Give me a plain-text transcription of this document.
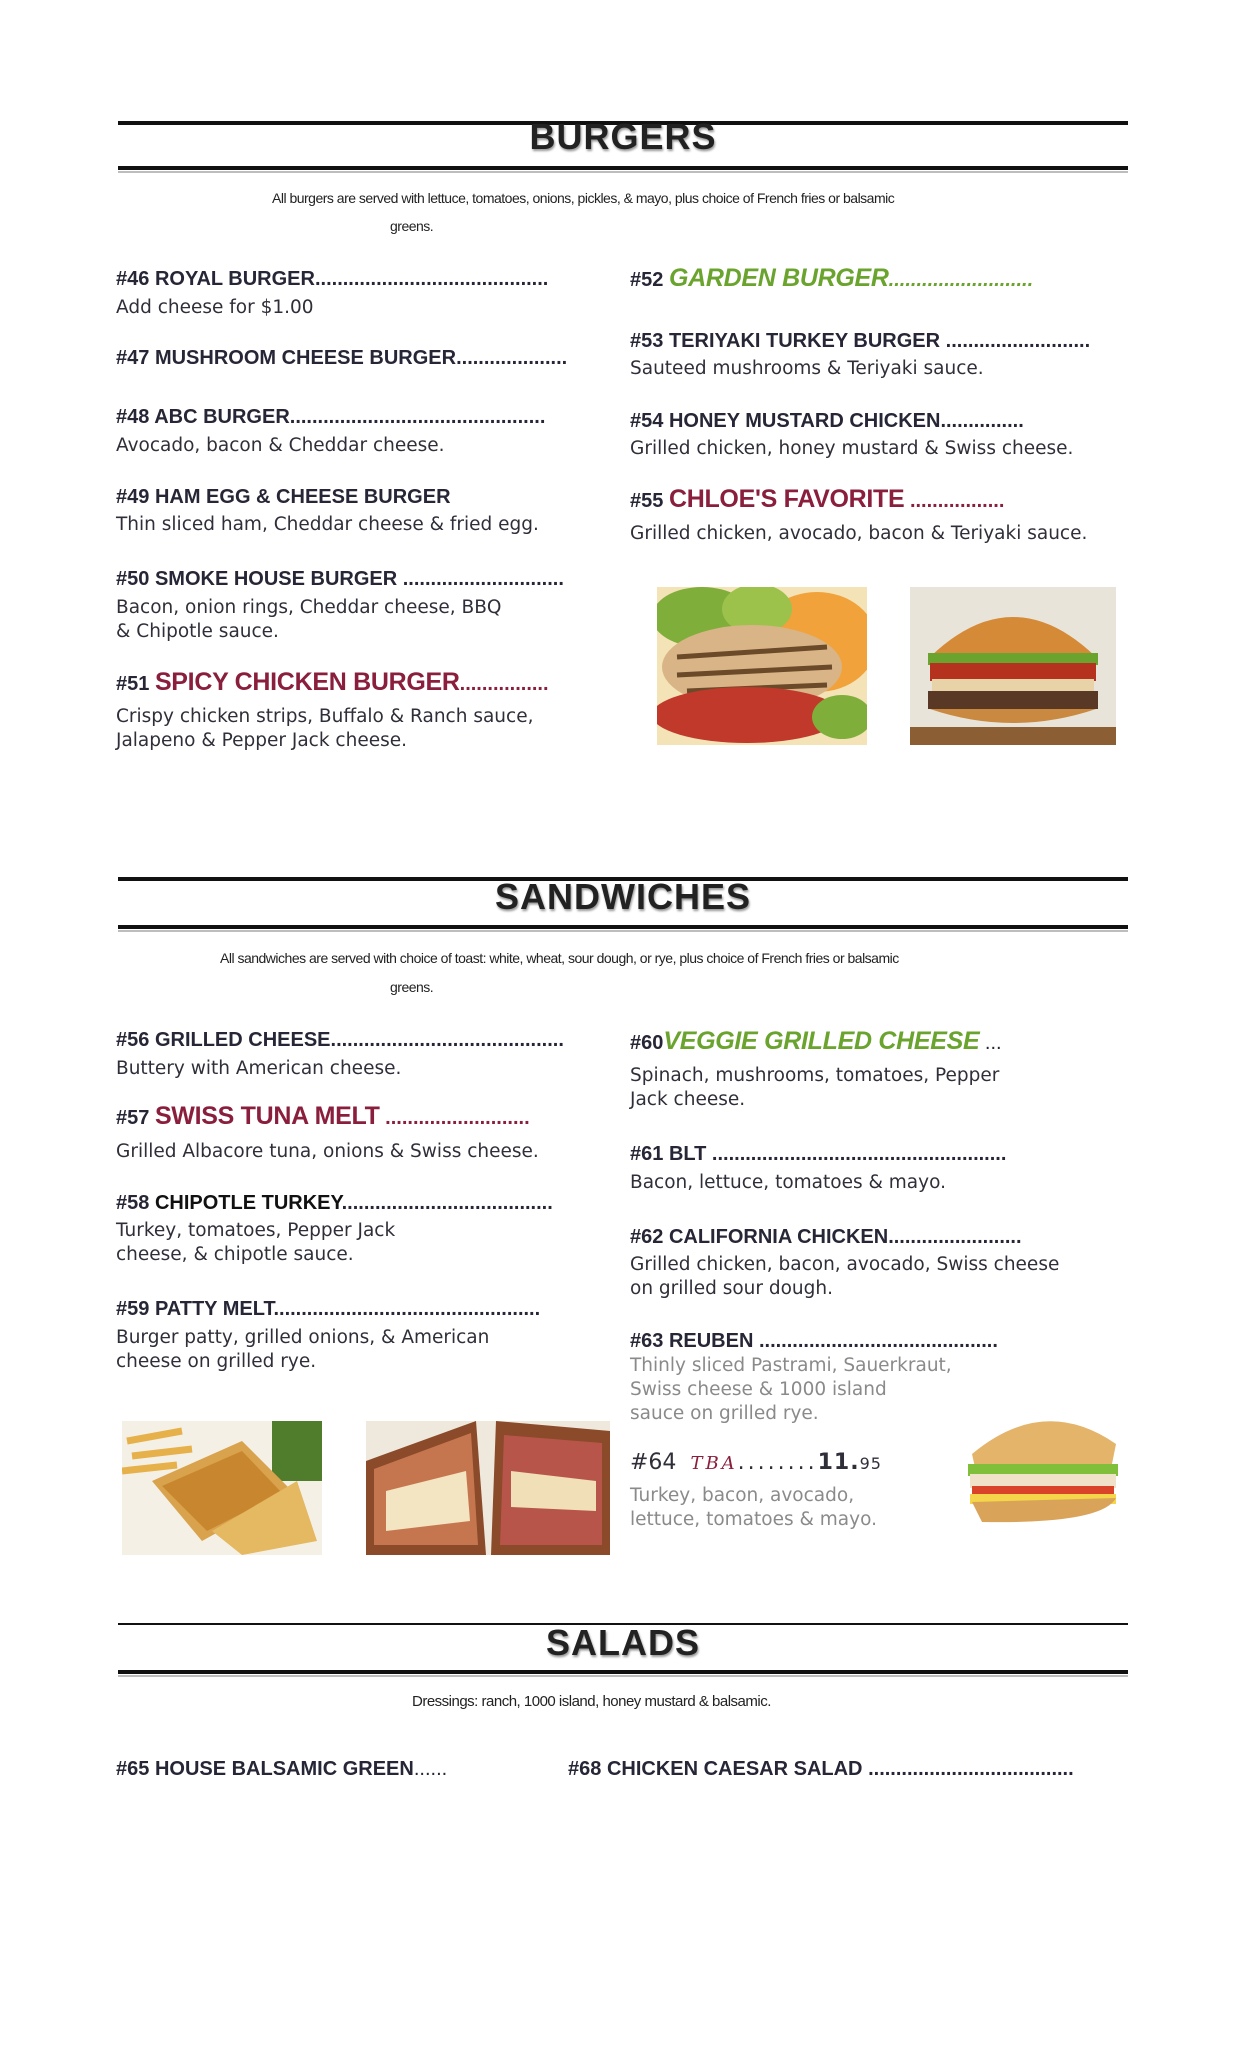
BURGERS
All burgers are served with lettuce, tomatoes, onions, pickles, & mayo, plus choice of French fries or balsamic
greens.
#46 ROYAL BURGER..........................................
Add cheese for $1.00
#47 MUSHROOM CHEESE BURGER....................
#48 ABC BURGER..............................................
Avocado, bacon & Cheddar cheese.
#49 HAM EGG & CHEESE BURGER
Thin sliced ham, Cheddar cheese & fried egg.
#50 SMOKE HOUSE BURGER .............................
Bacon, onion rings, Cheddar cheese, BBQ
& Chipotle sauce.
#51 SPICY CHICKEN BURGER................
Crispy chicken strips, Buffalo & Ranch sauce,
Jalapeno & Pepper Jack cheese.
#52 GARDEN BURGER..........................
#53 TERIYAKI TURKEY BURGER ..........................
Sauteed mushrooms & Teriyaki sauce.
#54 HONEY MUSTARD CHICKEN...............
Grilled chicken, honey mustard & Swiss cheese.
#55 CHLOE'S FAVORITE .................
Grilled chicken, avocado, bacon & Teriyaki sauce.
SANDWICHES
All sandwiches are served with choice of toast: white, wheat, sour dough, or rye, plus choice of French fries or balsamic
greens.
#56 GRILLED CHEESE..........................................
Buttery with American cheese.
#57 SWISS TUNA MELT ..........................
Grilled Albacore tuna, onions & Swiss cheese.
#58 CHIPOTLE TURKEY......................................
Turkey, tomatoes, Pepper Jack
cheese, & chipotle sauce.
#59 PATTY MELT................................................
Burger patty, grilled onions, & American
cheese on grilled rye.
#60VEGGIE GRILLED CHEESE ...
Spinach, mushrooms, tomatoes, Pepper
Jack cheese.
#61 BLT .....................................................
Bacon, lettuce, tomatoes & mayo.
#62 CALIFORNIA CHICKEN........................
Grilled chicken, bacon, avocado, Swiss cheese
on grilled sour dough.
#63 REUBEN ...........................................
Thinly sliced Pastrami, Sauerkraut,
Swiss cheese & 1000 island
sauce on grilled rye.
#64 TBA........11.95
Turkey, bacon, avocado,
lettuce, tomatoes & mayo.
SALADS
Dressings: ranch, 1000 island, honey mustard & balsamic.
#65 HOUSE BALSAMIC GREEN......	#68 CHICKEN CAESAR SALAD .....................................
